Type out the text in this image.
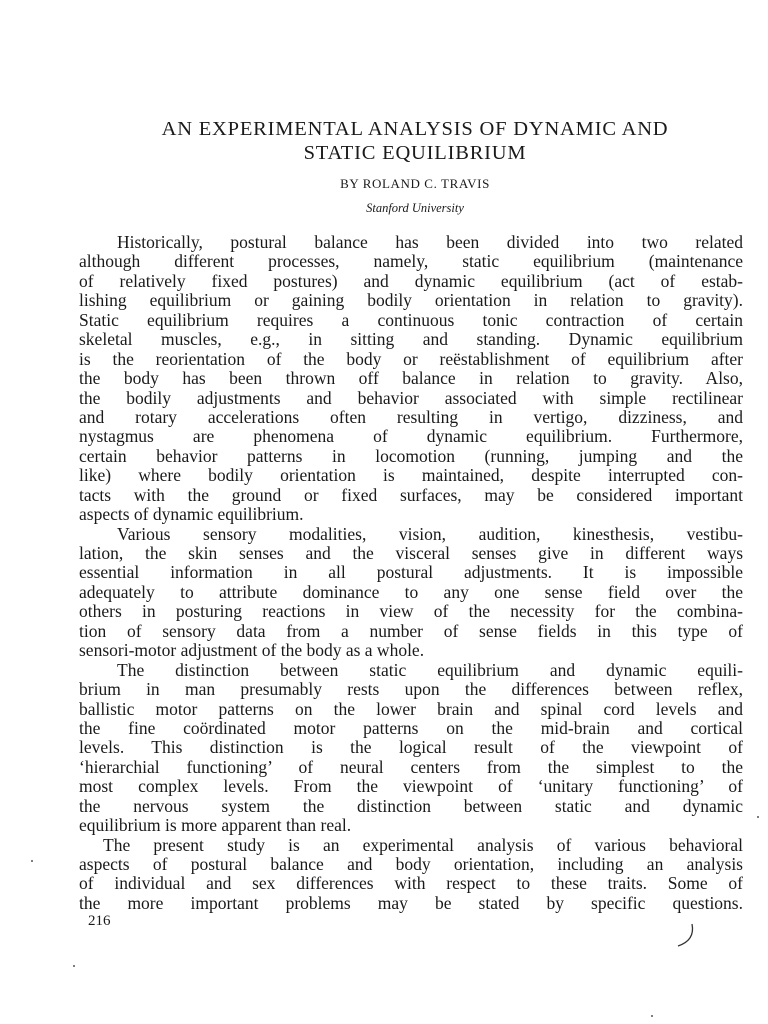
AN EXPERIMENTAL ANALYSIS OF DYNAMIC AND
STATIC EQUILIBRIUM
BY ROLAND C. TRAVIS
Stanford University
Historically, postural balance has been divided into two related
although different processes, namely, static equilibrium (maintenance
of relatively fixed postures) and dynamic equilibrium (act of estab-
lishing equilibrium or gaining bodily orientation in relation to gravity).
Static equilibrium requires a continuous tonic contraction of certain
skeletal muscles, e.g., in sitting and standing. Dynamic equilibrium
is the reorientation of the body or reëstablishment of equilibrium after
the body has been thrown off balance in relation to gravity. Also,
the bodily adjustments and behavior associated with simple rectilinear
and rotary accelerations often resulting in vertigo, dizziness, and
nystagmus are phenomena of dynamic equilibrium. Furthermore,
certain behavior patterns in locomotion (running, jumping and the
like) where bodily orientation is maintained, despite interrupted con-
tacts with the ground or fixed surfaces, may be considered important
aspects of dynamic equilibrium.
Various sensory modalities, vision, audition, kinesthesis, vestibu-
lation, the skin senses and the visceral senses give in different ways
essential information in all postural adjustments. It is impossible
adequately to attribute dominance to any one sense field over the
others in posturing reactions in view of the necessity for the combina-
tion of sensory data from a number of sense fields in this type of
sensori-motor adjustment of the body as a whole.
The distinction between static equilibrium and dynamic equili-
brium in man presumably rests upon the differences between reflex,
ballistic motor patterns on the lower brain and spinal cord levels and
the fine coördinated motor patterns on the mid-brain and cortical
levels. This distinction is the logical result of the viewpoint of
‘hierarchial functioning’ of neural centers from the simplest to the
most complex levels. From the viewpoint of ‘unitary functioning’ of
the nervous system the distinction between static and dynamic
equilibrium is more apparent than real.
The present study is an experimental analysis of various behavioral
aspects of postural balance and body orientation, including an analysis
of individual and sex differences with respect to these traits. Some of
the more important problems may be stated by specific questions.
216
